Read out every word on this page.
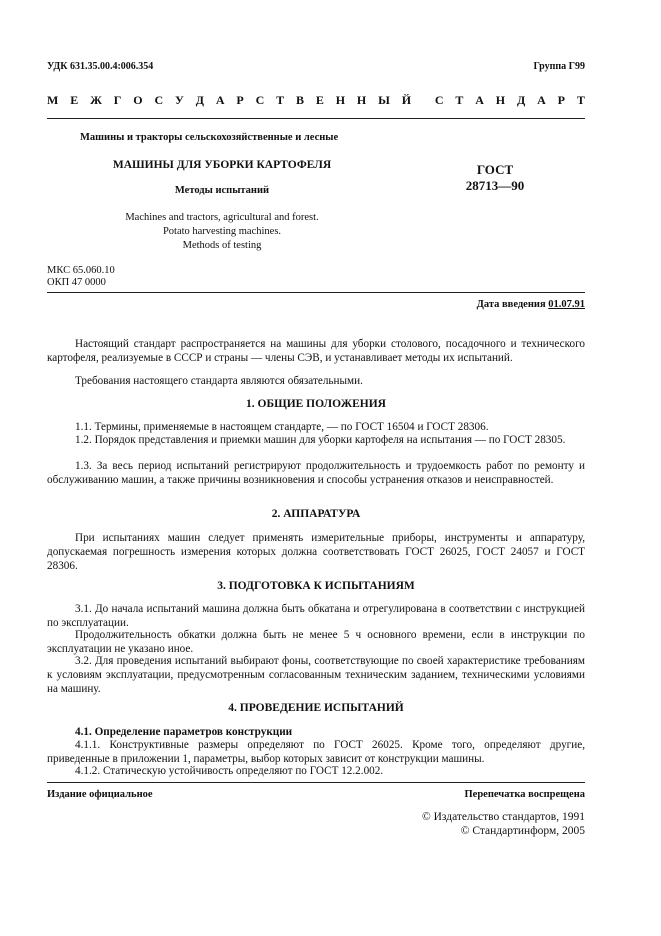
УДК 631.35.00.4:006.354	Группа Г99
М Е Ж Г О С У Д А Р С Т В Е Н Н Ы Й С Т А Н Д А Р Т
Машины и тракторы сельскохозяйственные и лесные
МАШИНЫ ДЛЯ УБОРКИ КАРТОФЕЛЯ
Методы испытаний
Machines and tractors, agricultural and forest.
Potato harvesting machines.
Methods of testing
ГОСТ
28713—90
МКС 65.060.10
ОКП 47 0000
Дата введения 01.07.91
Настоящий стандарт распространяется на машины для уборки столового, посадочного и технического картофеля, реализуемые в СССР и страны — члены СЭВ, и устанавливает методы их испытаний.
Требования настоящего стандарта являются обязательными.
1. ОБЩИЕ ПОЛОЖЕНИЯ
1.1. Термины, применяемые в настоящем стандарте, — по ГОСТ 16504 и ГОСТ 28306.
1.2. Порядок представления и приемки машин для уборки картофеля на испытания — по ГОСТ 28305.
1.3. За весь период испытаний регистрируют продолжительность и трудоемкость работ по ремонту и обслуживанию машин, а также причины возникновения и способы устранения отказов и неисправностей.
2. АППАРАТУРА
При испытаниях машин следует применять измерительные приборы, инструменты и аппаратуру, допускаемая погрешность измерения которых должна соответствовать ГОСТ 26025, ГОСТ 24057 и ГОСТ 28306.
3. ПОДГОТОВКА К ИСПЫТАНИЯМ
3.1. До начала испытаний машина должна быть обкатана и отрегулирована в соответствии с инструкцией по эксплуатации.
Продолжительность обкатки должна быть не менее 5 ч основного времени, если в инструкции по эксплуатации не указано иное.
3.2. Для проведения испытаний выбирают фоны, соответствующие по своей характеристике требованиям к условиям эксплуатации, предусмотренным согласованным техническим заданием, техническими условиями на машину.
4. ПРОВЕДЕНИЕ ИСПЫТАНИЙ
4.1. Определение параметров конструкции
4.1.1. Конструктивные размеры определяют по ГОСТ 26025. Кроме того, определяют другие, приведенные в приложении 1, параметры, выбор которых зависит от конструкции машины.
4.1.2. Статическую устойчивость определяют по ГОСТ 12.2.002.
Издание официальное	Перепечатка воспрещена
© Издательство стандартов, 1991
© Стандартинформ, 2005
